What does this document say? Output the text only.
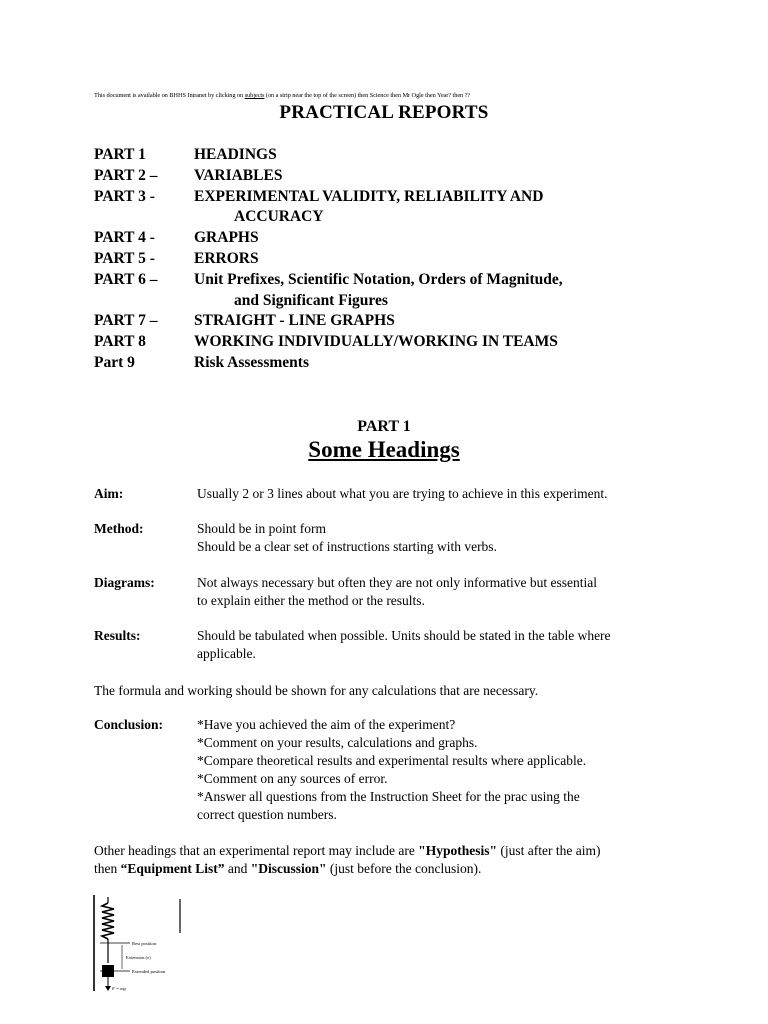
This document is available on BHHS Intranet by clicking on subjects (on a strip near the top of the screen) then Science then Mr Ogle then Year? then ??
PRACTICAL REPORTS
PART 1	HEADINGS
PART 2 – VARIABLES
PART 3 -	EXPERIMENTAL VALIDITY, RELIABILITY AND
ACCURACY
PART 4 -	GRAPHS
PART 5 -	ERRORS
PART 6 – Unit Prefixes, Scientific Notation, Orders of Magnitude,
and Significant Figures
PART 7 – STRAIGHT - LINE GRAPHS
PART 8	WORKING INDIVIDUALLY/WORKING IN TEAMS
Part 9	Risk Assessments
PART 1
Some Headings
Aim:	Usually 2 or 3 lines about what you are trying to achieve in this experiment.
Method:	Should be in point form
Should be a clear set of instructions starting with verbs.
Diagrams:	Not always necessary but often they are not only informative but essential
to explain either the method or the results.
Results:	Should be tabulated when possible. Units should be stated in the table where
applicable.
The formula and working should be shown for any calculations that are necessary.
Conclusion:	*Have you achieved the aim of the experiment?
*Comment on your results, calculations and graphs.
*Compare theoretical results and experimental results where applicable.
*Comment on any sources of error.
*Answer all questions from the Instruction Sheet for the prac using the
correct question numbers.
Other headings that an experimental report may include are "Hypothesis" (just after the aim)
then “Equipment List” and "Discussion" (just before the conclusion).
Rest position
Extension (e)
Extended position
F = mg
